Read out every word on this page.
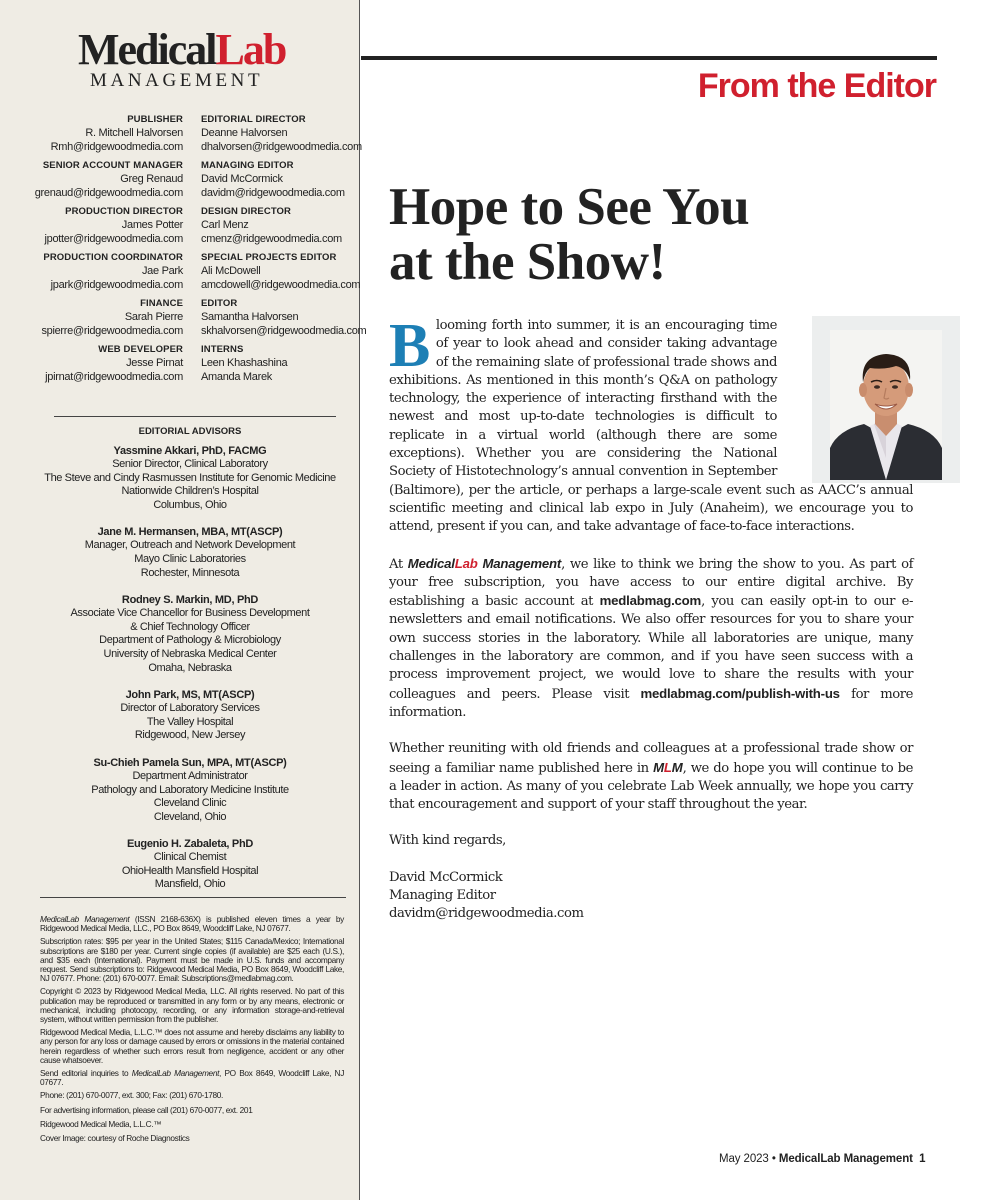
MedicalLab
MANAGEMENT
PUBLISHER
R. Mitchell Halvorsen
Rmh@ridgewoodmedia.com
SENIOR ACCOUNT MANAGER
Greg Renaud
grenaud@ridgewoodmedia.com
PRODUCTION DIRECTOR
James Potter
jpotter@ridgewoodmedia.com
PRODUCTION COORDINATOR
Jae Park
jpark@ridgewoodmedia.com
FINANCE
Sarah Pierre
spierre@ridgewoodmedia.com
WEB DEVELOPER
Jesse Pirnat
jpirnat@ridgewoodmedia.com
EDITORIAL DIRECTOR
Deanne Halvorsen
dhalvorsen@ridgewoodmedia.com
MANAGING EDITOR
David McCormick
davidm@ridgewoodmedia.com
DESIGN DIRECTOR
Carl Menz
cmenz@ridgewoodmedia.com
SPECIAL PROJECTS EDITOR
Ali McDowell
amcdowell@ridgewoodmedia.com
EDITOR
Samantha Halvorsen
skhalvorsen@ridgewoodmedia.com
INTERNS
Leen Khashashina
Amanda Marek
EDITORIAL ADVISORS
Yassmine Akkari, PhD, FACMG
Senior Director, Clinical Laboratory
The Steve and Cindy Rasmussen Institute for Genomic Medicine
Nationwide Children’s Hospital
Columbus, Ohio
Jane M. Hermansen, MBA, MT(ASCP)
Manager, Outreach and Network Development
Mayo Clinic Laboratories
Rochester, Minnesota
Rodney S. Markin, MD, PhD
Associate Vice Chancellor for Business Development
& Chief Technology Officer
Department of Pathology & Microbiology
University of Nebraska Medical Center
Omaha, Nebraska
John Park, MS, MT(ASCP)
Director of Laboratory Services
The Valley Hospital
Ridgewood, New Jersey
Su-Chieh Pamela Sun, MPA, MT(ASCP)
Department Administrator
Pathology and Laboratory Medicine Institute
Cleveland Clinic
Cleveland, Ohio
Eugenio H. Zabaleta, PhD
Clinical Chemist
OhioHealth Mansfield Hospital
Mansfield, Ohio

MedicalLab Management (ISSN 2168-636X) is published eleven times a year by Ridgewood Medical Media, LLC., PO Box 8649, Woodcliff Lake, NJ 07677.

Subscription rates: $95 per year in the United States; $115 Canada/Mexico; International subscriptions are $180 per year. Current single copies (if available) are $25 each (U.S.), and $35 each (International). Payment must be made in U.S. funds and accompany request. Send subscriptions to: Ridgewood Medical Media, PO Box 8649, Woodcliff Lake, NJ 07677. Phone: (201) 670-0077. Email: Subscriptions@medlabmag.com.

Copyright © 2023 by Ridgewood Medical Media, LLC. All rights reserved. No part of this publication may be reproduced or transmitted in any form or by any means, electronic or mechanical, including photocopy, recording, or any information storage-and-retrieval system, without written permission from the publisher.

Ridgewood Medical Media, L.L.C.™ does not assume and hereby disclaims any liability to any person for any loss or damage caused by errors or omissions in the material contained herein regardless of whether such errors result from negligence, accident or any other cause whatsoever.

Send editorial inquiries to MedicalLab Management, PO Box 8649, Woodcliff Lake, NJ 07677.

Phone: (201) 670-0077, ext. 300; Fax: (201) 670-1780.

For advertising information, please call (201) 670-0077, ext. 201

Ridgewood Medical Media, L.L.C.™

Cover Image: courtesy of Roche Diagnostics

From the Editor
Hope to See You
at the Show!

Blooming forth into summer, it is an encouraging time of year to look ahead and consider taking advantage of the remaining slate of professional trade shows and exhibitions. As mentioned in this month’s Q&A on pathology technology, the experience of interacting firsthand with the newest and most up-to-date technologies is difficult to replicate in a virtual world (although there are some exceptions). Whether you are considering the National Society of Histotechnology’s annual convention in September (Baltimore), per the article, or perhaps a large-scale event such as AACC’s annual scientific meeting and clinical lab expo in July (Anaheim), we encourage you to attend, present if you can, and take advantage of face-to-face interactions.

At MedicalLab Management, we like to think we bring the show to you. As part of your free subscription, you have access to our entire digital archive. By establishing a basic account at medlabmag.com, you can easily opt-in to our e-newsletters and email notifications. We also offer resources for you to share your own success stories in the laboratory. While all laboratories are unique, many challenges in the laboratory are common, and if you have seen success with a process improvement project, we would love to share the results with your colleagues and peers. Please visit medlabmag.com/publish-with-us for more information.

Whether reuniting with old friends and colleagues at a professional trade show or seeing a familiar name published here in MLM, we do hope you will continue to be a leader in action. As many of you celebrate Lab Week annually, we hope you carry that encouragement and support of your staff throughout the year.

With kind regards,

David McCormick
Managing Editor
davidm@ridgewoodmedia.com
May 2023 • MedicalLab Management 1
